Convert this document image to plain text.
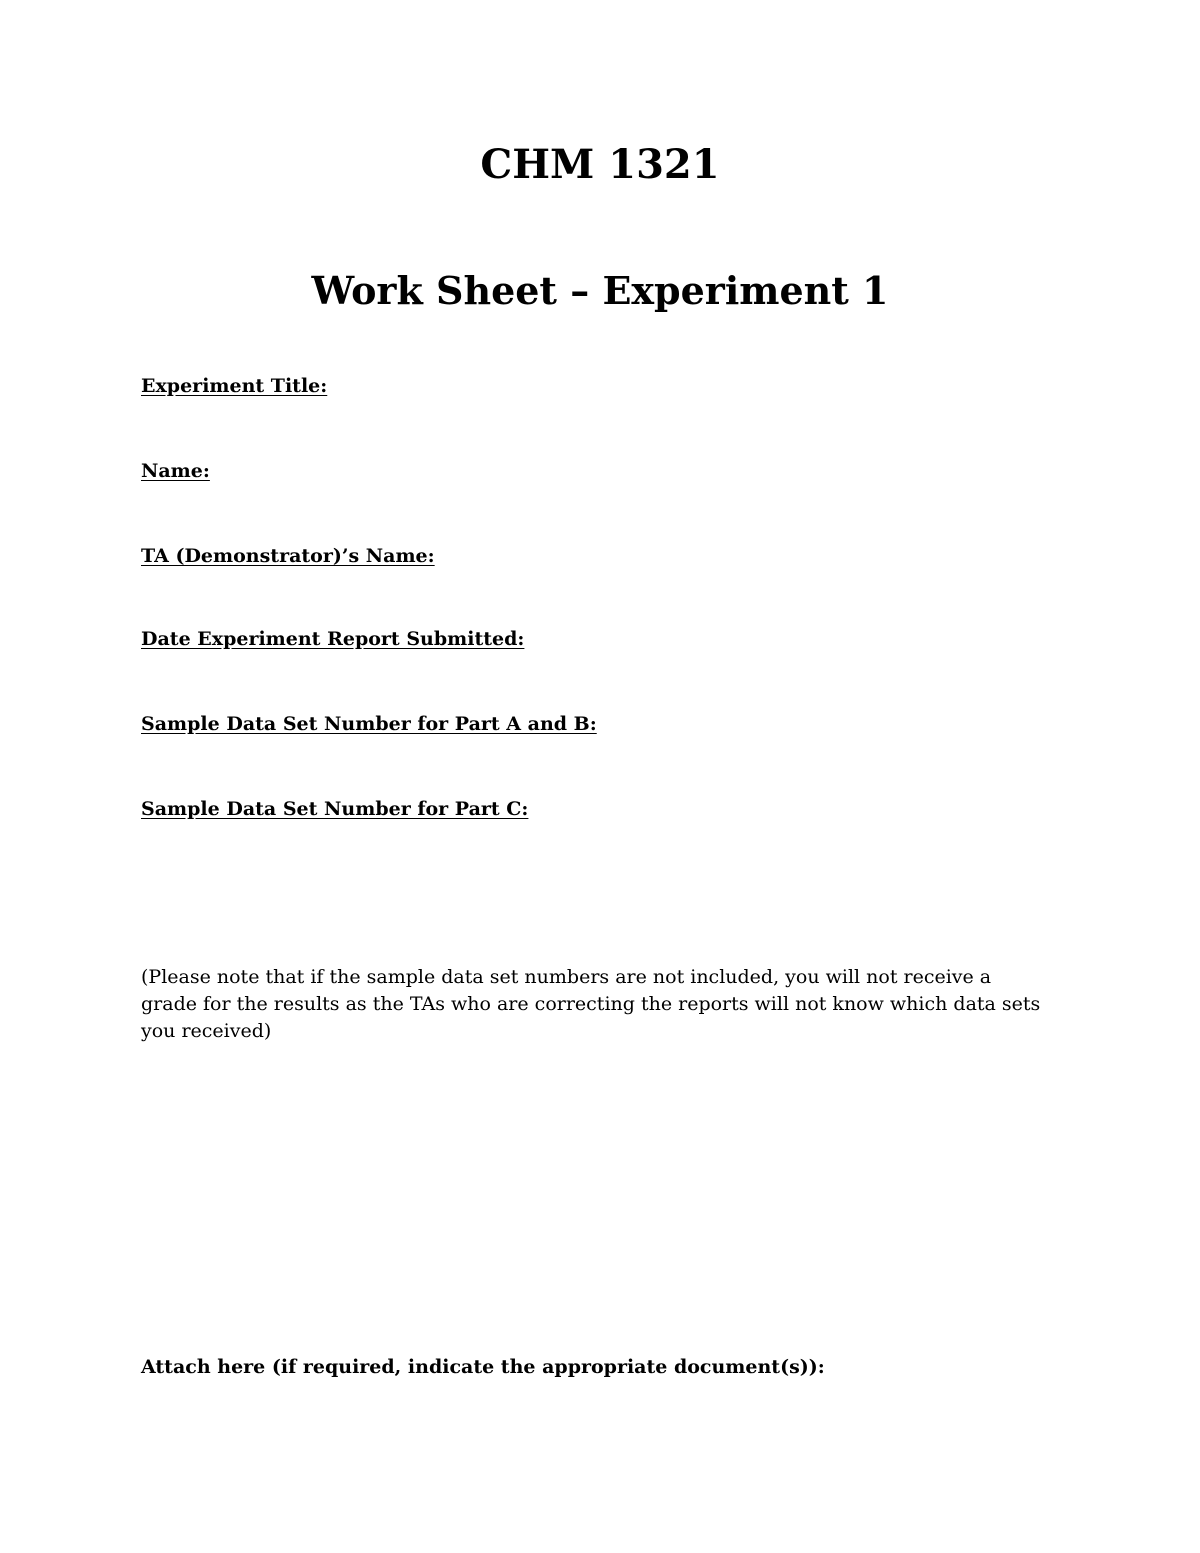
CHM 1321
Work Sheet – Experiment 1
Experiment Title:
Name:
TA (Demonstrator)’s Name:
Date Experiment Report Submitted:
Sample Data Set Number for Part A and B:
Sample Data Set Number for Part C:
(Please note that if the sample data set numbers are not included, you will not receive a grade for the results as the TAs who are correcting the reports will not know which data sets you received)
Attach here (if required, indicate the appropriate document(s)):
